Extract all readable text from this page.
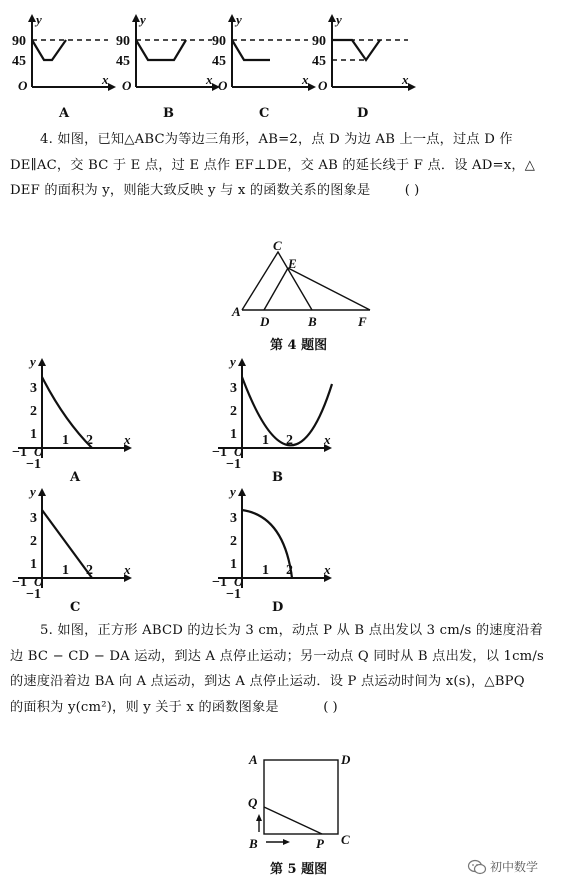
y
90
45
O	x
A
y
90
45
O	x
B
y
90
45
O	x
C
y
90
45
O	x
D
4. 如图，已知△ABC为等边三角形，AB=2，点 D 为边 AB 上一点，过点 D 作
DE∥AC，交 BC 于 E 点，过 E 点作 EF⊥DE，交 AB 的延长线于 F 点．设 AD=x，△
DEF 的面积为 y，则能大致反映 y 与 x 的函数关系的图象是	( )
C
E
A
D	B	F
第 4 题图
y
3
2
1
−1 O
1 2 x
−1
A
y
3
2
1
−1 O
1 2 x
−1
B
y
3
2
1
−1 O
1 2 x
−1
C
y
3
2
1
−1 O
1 2 x
−1
D
5. 如图，正方形 ABCD 的边长为 3 cm，动点 P 从 B 点出发以 3 cm/s 的速度沿着
边 BC − CD − DA 运动，到达 A 点停止运动；另一动点 Q 同时从 B 点出发，以 1cm/s
的速度沿着边 BA 向 A 点运动，到达 A 点停止运动．设 P 点运动时间为 x(s)，△BPQ
的面积为 y(cm²)，则 y 关于 x 的函数图象是	( )
A	D
Q
B	P C
第 5 题图	初中数学
